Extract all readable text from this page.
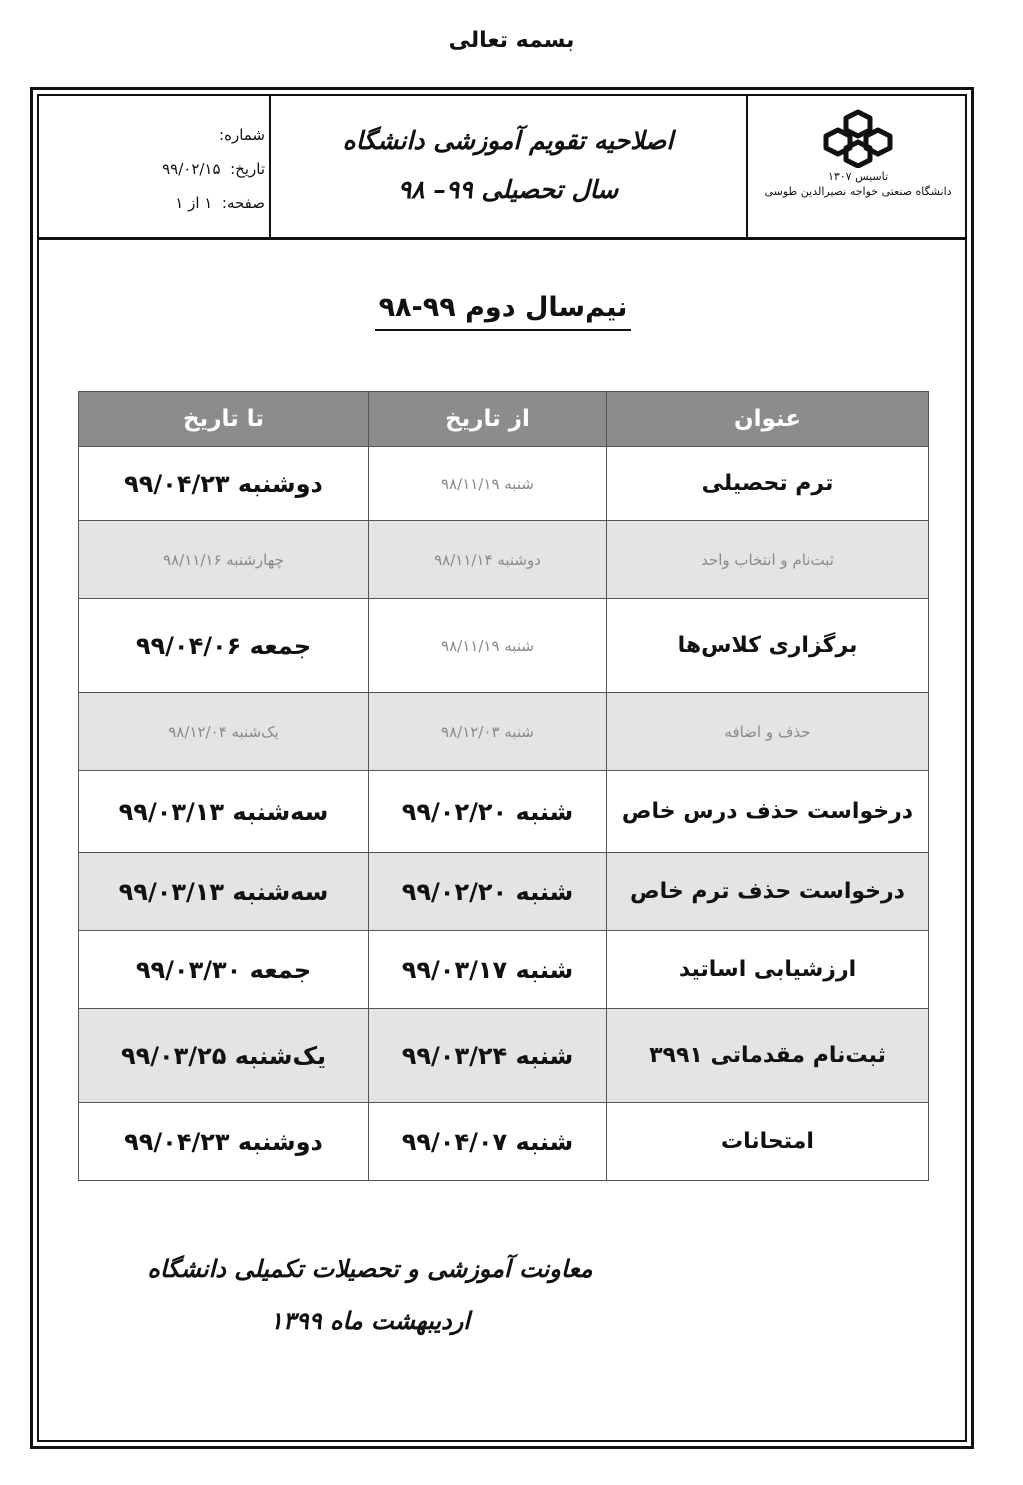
بسمه تعالی
شماره:
تاریخ:  ۹۹/۰۲/۱۵
صفحه:  ۱ از ۱
اصلاحیه تقویم آموزشی دانشگاه
سال تحصیلی ۹۹– ۹۸	تاسیس ۱۳۰۷
دانشگاه صنعتی خواجه نصیرالدین طوسی
نیم‌سال دوم ۹۹-۹۸
عنوان	از تاریخ	تا تاریخ
ترم تحصیلی	شنبه ۹۸/۱۱/۱۹	دوشنبه ۹۹/۰۴/۲۳
ثبت‌نام و انتخاب واحد	دوشنبه ۹۸/۱۱/۱۴	چهارشنبه ۹۸/۱۱/۱۶
برگزاری کلاس‌ها	شنبه ۹۸/۱۱/۱۹	جمعه ۹۹/۰۴/۰۶
حذف و اضافه	شنبه ۹۸/۱۲/۰۳	یک‌شنبه ۹۸/۱۲/۰۴
درخواست حذف درس خاص	شنبه ۹۹/۰۲/۲۰	سه‌شنبه ۹۹/۰۳/۱۳
درخواست حذف ترم خاص	شنبه ۹۹/۰۲/۲۰	سه‌شنبه ۹۹/۰۳/۱۳
ارزشیابی اساتید	شنبه ۹۹/۰۳/۱۷	جمعه ۹۹/۰۳/۳۰
ثبت‌نام مقدماتی ۳۹۹۱	شنبه ۹۹/۰۳/۲۴	یک‌شنبه ۹۹/۰۳/۲۵
امتحانات	شنبه ۹۹/۰۴/۰۷	دوشنبه ۹۹/۰۴/۲۳
معاونت آموزشی و تحصیلات تکمیلی دانشگاه
اردیبهشت ماه ۱۳۹۹
